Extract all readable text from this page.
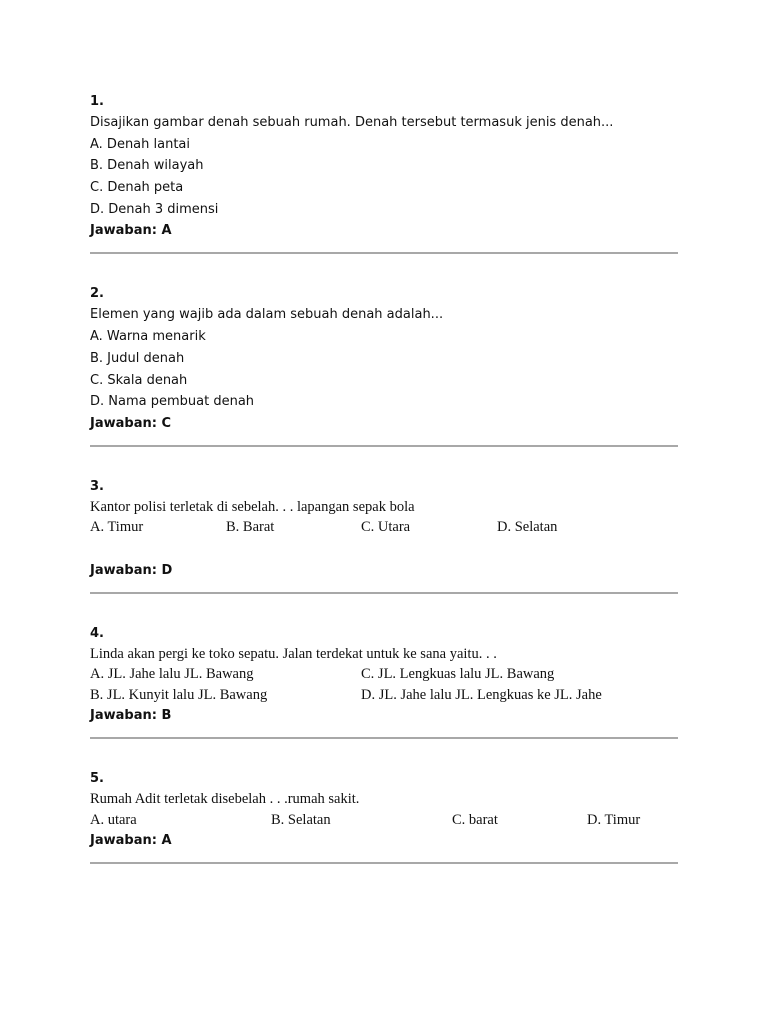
1.
Disajikan gambar denah sebuah rumah. Denah tersebut termasuk jenis denah...
A. Denah lantai
B. Denah wilayah
C. Denah peta
D. Denah 3 dimensi
Jawaban: A
2.
Elemen yang wajib ada dalam sebuah denah adalah...
A. Warna menarik
B. Judul denah
C. Skala denah
D. Nama pembuat denah
Jawaban: C
3.
Kantor polisi terletak di sebelah. . . lapangan sepak bola
A. Timur	B. Barat	C. Utara	D. Selatan
Jawaban: D
4.
Linda akan pergi ke toko sepatu. Jalan terdekat untuk ke sana yaitu. . .
A. JL. Jahe lalu JL. Bawang	C. JL. Lengkuas lalu JL. Bawang
B. JL. Kunyit lalu JL. Bawang	D. JL. Jahe lalu JL. Lengkuas ke JL. Jahe
Jawaban: B
5.
Rumah Adit terletak disebelah . . .rumah sakit.
A. utara	B. Selatan	C. barat	D. Timur
Jawaban: A
